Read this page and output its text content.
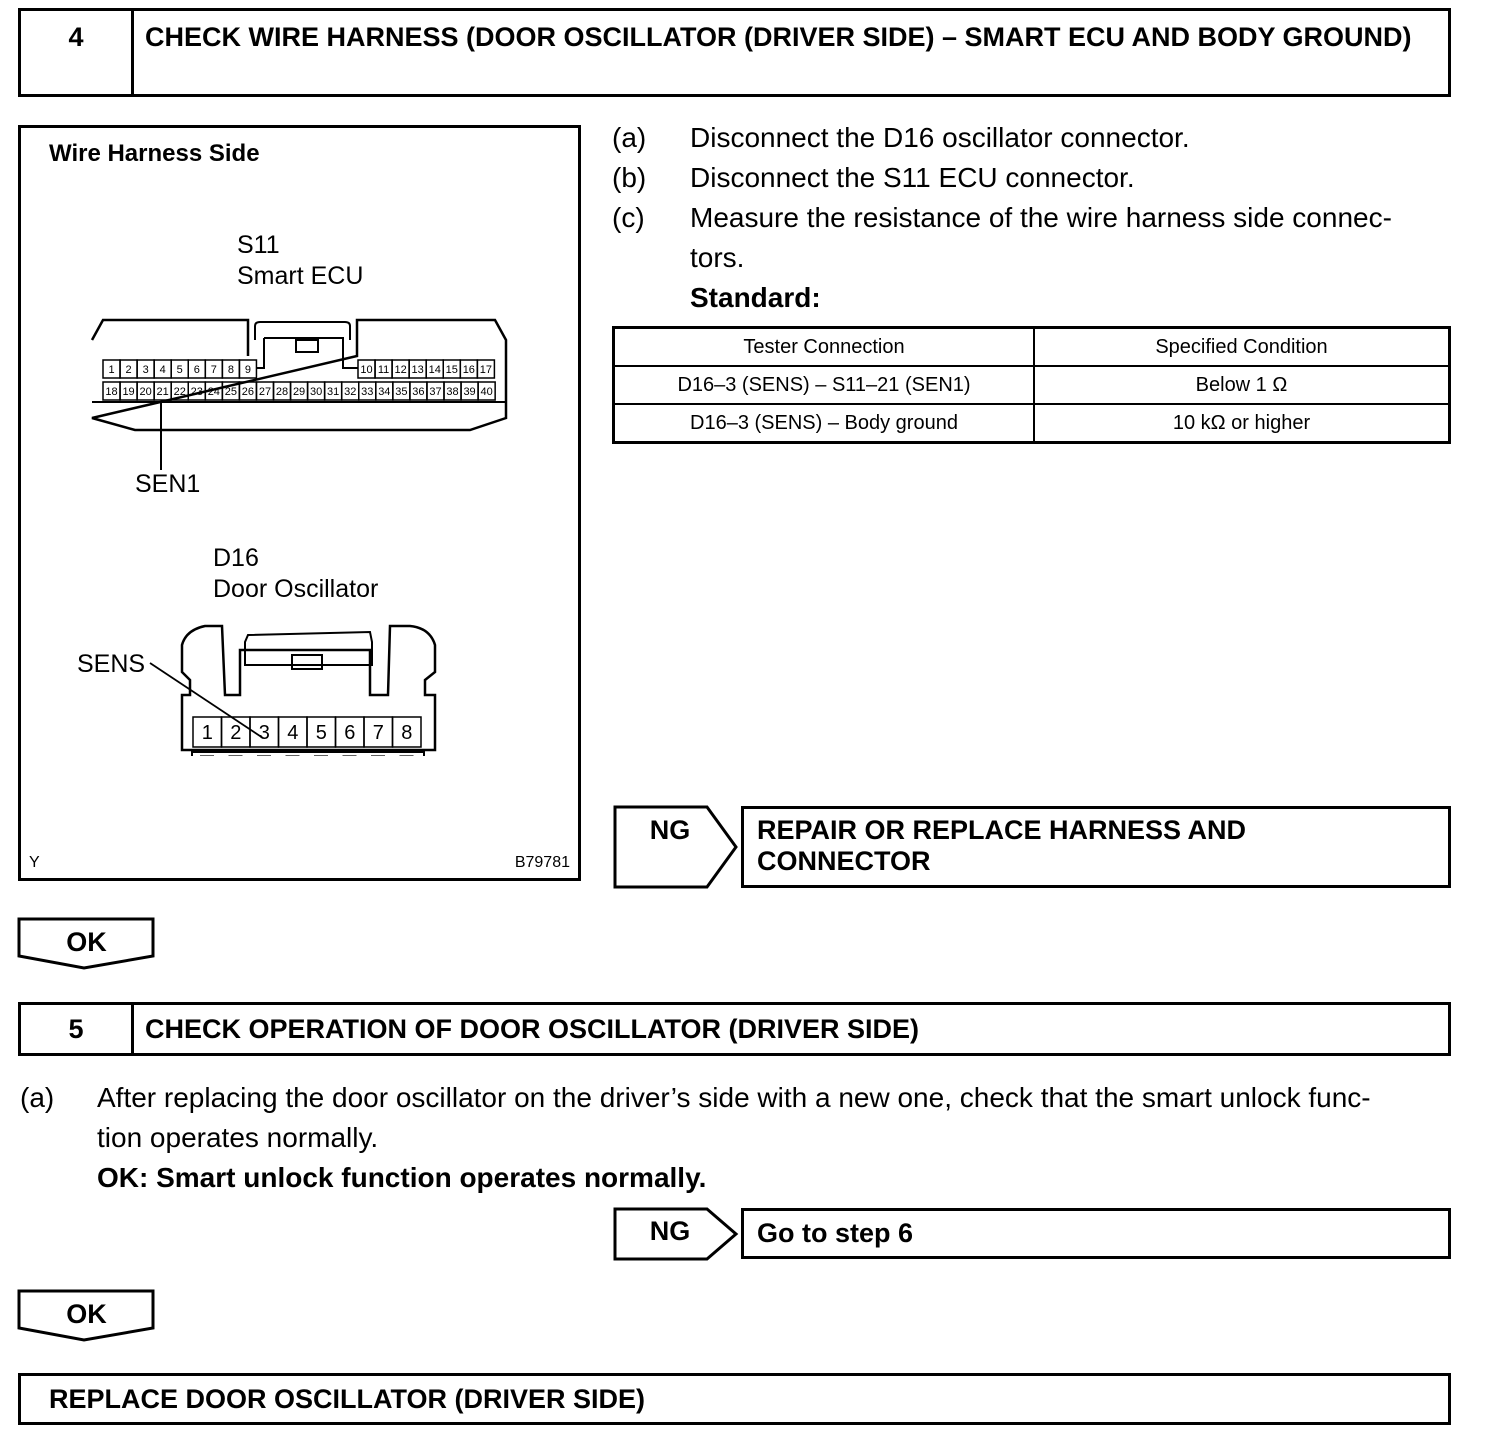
4	CHECK WIRE HARNESS (DOOR OSCILLATOR (DRIVER SIDE) – SMART ECU AND BODY GROUND)
Wire Harness Side
S11
Smart ECU
SEN1
D16
Door Oscillator
SENS
Y	B79781
1 2 3 4 5 6 7 8 9	10 11 12 13 14 15 16 17
18 19 20 21 22 23 24 25 26 27 28 29 30 31 32 33 34 35 36 37 38 39 40
1 2 3 4 5 6 7 8
(a) Disconnect the D16 oscillator connector.
(b) Disconnect the S11 ECU connector.
(c) Measure the resistance of the wire harness side connec-
tors.
Standard:
Tester Connection	Specified Condition
D16–3 (SENS) – S11–21 (SEN1)	Below 1 Ω
D16–3 (SENS) – Body ground	10 kΩ or higher
NG	REPAIR OR REPLACE HARNESS AND
CONNECTOR
OK
5	CHECK OPERATION OF DOOR OSCILLATOR (DRIVER SIDE)
(a) After replacing the door oscillator on the driver’s side with a new one, check that the smart unlock func-
tion operates normally.
OK: Smart unlock function operates normally.
NG	Go to step 6
OK
REPLACE DOOR OSCILLATOR (DRIVER SIDE)
